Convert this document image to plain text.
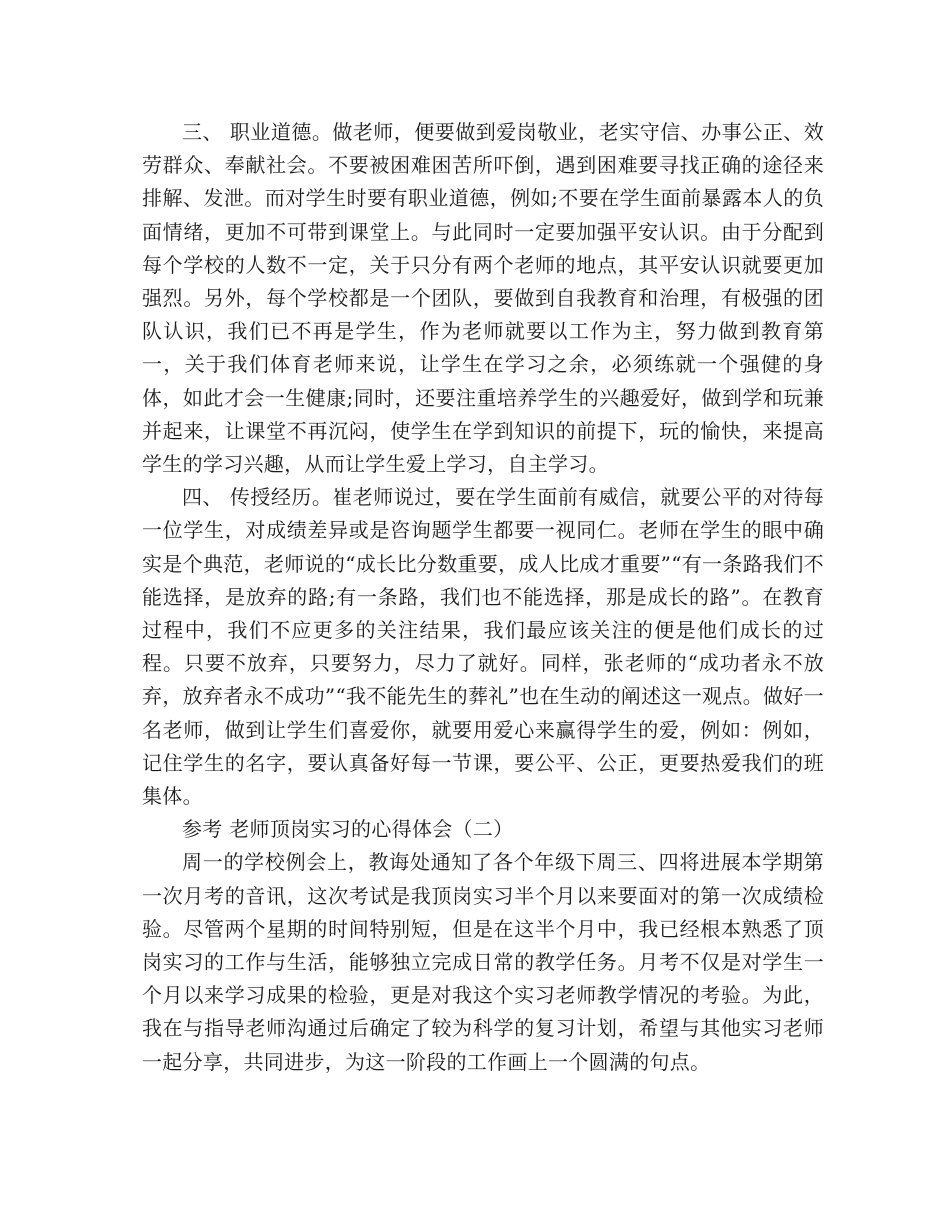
三、 职业道德。做老师，便要做到爱岗敬业，老实守信、办事公正、效劳群众、奉献社会。不要被困难困苦所吓倒，遇到困难要寻找正确的途径来排解、发泄。而对学生时要有职业道德，例如;不要在学生面前暴露本人的负面情绪，更加不可带到课堂上。与此同时一定要加强平安认识。由于分配到每个学校的人数不一定，关于只分有两个老师的地点，其平安认识就要更加强烈。另外，每个学校都是一个团队，要做到自我教育和治理，有极强的团队认识，我们已不再是学生，作为老师就要以工作为主，努力做到教育第一，关于我们体育老师来说，让学生在学习之余，必须练就一个强健的身体，如此才会一生健康;同时，还要注重培养学生的兴趣爱好，做到学和玩兼并起来，让课堂不再沉闷，使学生在学到知识的前提下，玩的愉快，来提高学生的学习兴趣，从而让学生爱上学习，自主学习。

四、 传授经历。崔老师说过，要在学生面前有威信，就要公平的对待每一位学生，对成绩差异或是咨询题学生都要一视同仁。老师在学生的眼中确实是个典范，老师说的“成长比分数重要，成人比成才重要”“有一条路我们不能选择，是放弃的路;有一条路，我们也不能选择，那是成长的路”。在教育过程中，我们不应更多的关注结果，我们最应该关注的便是他们成长的过程。只要不放弃，只要努力，尽力了就好。同样，张老师的“成功者永不放弃，放弃者永不成功”“我不能先生的葬礼”也在生动的阐述这一观点。做好一名老师，做到让学生们喜爱你，就要用爱心来赢得学生的爱，例如：例如，记住学生的名字，要认真备好每一节课，要公平、公正，更要热爱我们的班集体。

参考 老师顶岗实习的心得体会（二）

周一的学校例会上，教诲处通知了各个年级下周三、四将进展本学期第一次月考的音讯，这次考试是我顶岗实习半个月以来要面对的第一次成绩检验。尽管两个星期的时间特别短，但是在这半个月中，我已经根本熟悉了顶岗实习的工作与生活，能够独立完成日常的教学任务。月考不仅是对学生一个月以来学习成果的检验，更是对我这个实习老师教学情况的考验。为此，我在与指导老师沟通过后确定了较为科学的复习计划，希望与其他实习老师一起分享，共同进步，为这一阶段的工作画上一个圆满的句点。
